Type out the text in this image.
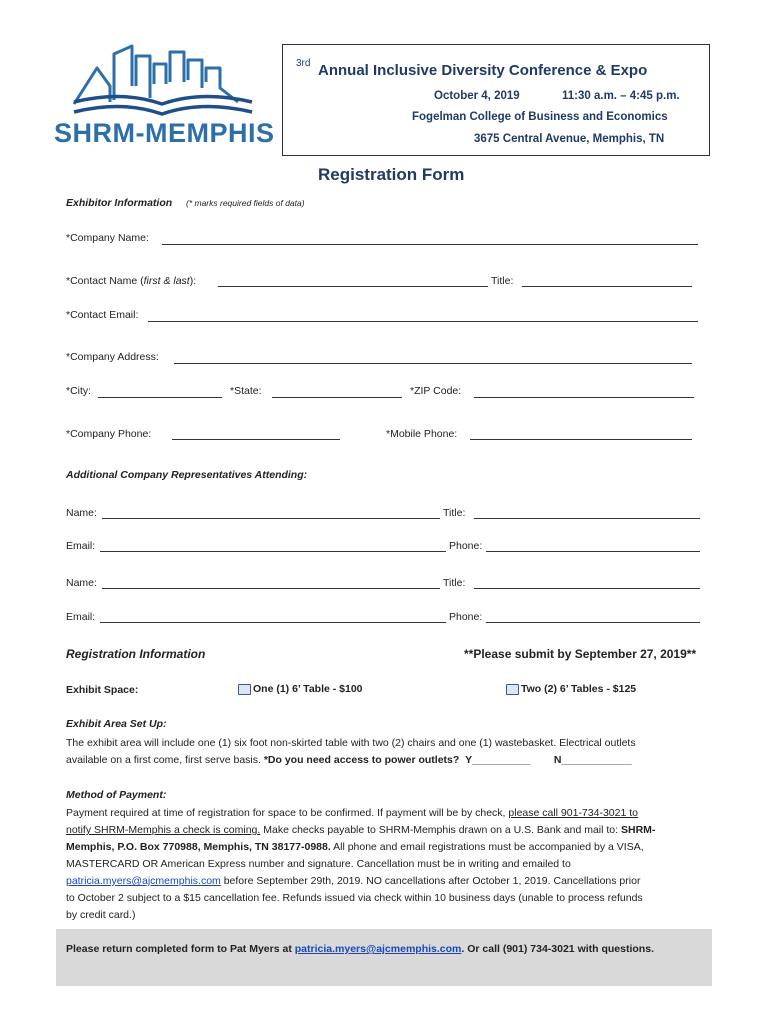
SHRM-MEMPHIS
3rd Annual Inclusive Diversity Conference & Expo
October 4, 2019	11:30 a.m. – 4:45 p.m.
Fogelman College of Business and Economics
3675 Central Avenue, Memphis, TN
Registration Form
Exhibitor Information (* marks required fields of data)
*Company Name:
*Contact Name (first & last):	Title:
*Contact Email:
*Company Address:
*City:	*State:	*ZIP Code:
*Company Phone:	*Mobile Phone:
Additional Company Representatives Attending:
Name:	Title:
Email:	Phone:
Name:	Title:
Email:	Phone:
Registration Information	**Please submit by September 27, 2019**
Exhibit Space:	One (1) 6’ Table - $100	Two (2) 6’ Tables - $125
Exhibit Area Set Up:
The exhibit area will include one (1) six foot non-skirted table with two (2) chairs and one (1) wastebasket. Electrical outlets
available on a first come, first serve basis. *Do you need access to power outlets? Y__________ N____________
Method of Payment:
Payment required at time of registration for space to be confirmed. If payment will be by check, please call 901-734-3021 to
notify SHRM-Memphis a check is coming. Make checks payable to SHRM-Memphis drawn on a U.S. Bank and mail to: SHRM-
Memphis, P.O. Box 770988, Memphis, TN 38177-0988. All phone and email registrations must be accompanied by a VISA,
MASTERCARD OR American Express number and signature. Cancellation must be in writing and emailed to
patricia.myers@ajcmemphis.com before September 29th, 2019. NO cancellations after October 1, 2019. Cancellations prior
to October 2 subject to a $15 cancellation fee. Refunds issued via check within 10 business days (unable to process refunds
by credit card.)
Please return completed form to Pat Myers at patricia.myers@ajcmemphis.com. Or call (901) 734-3021 with questions.
